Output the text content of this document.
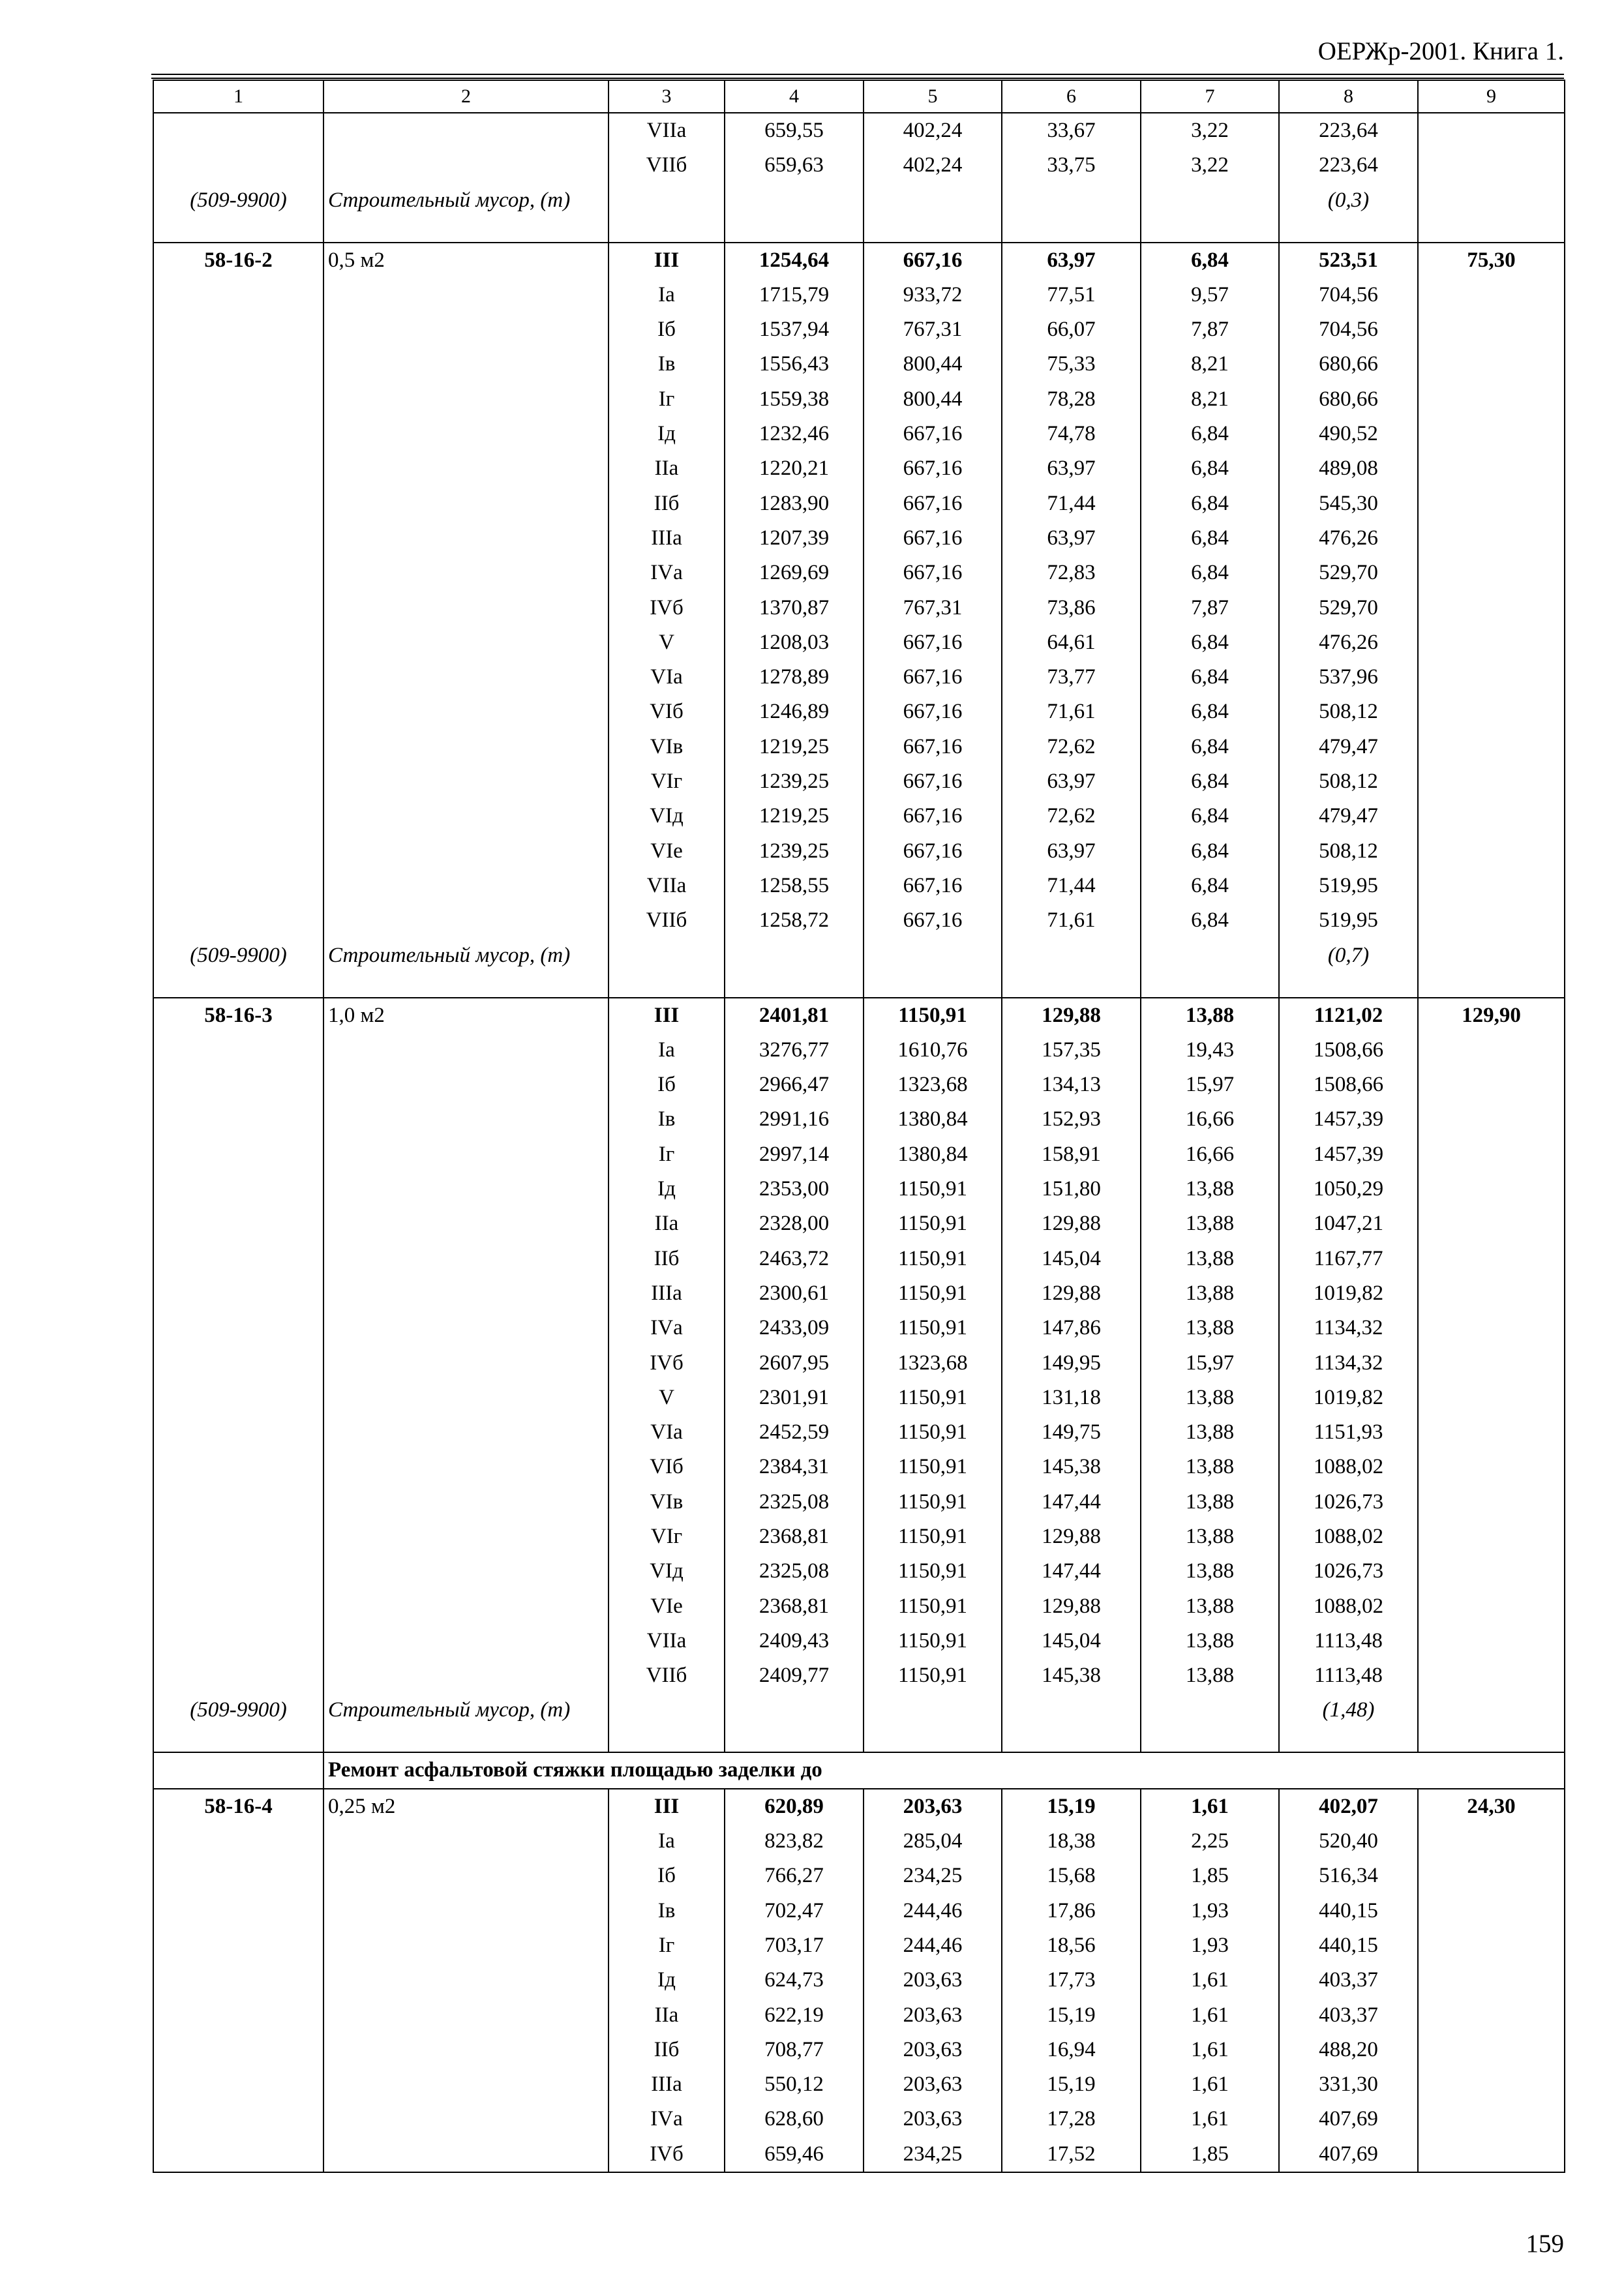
ОЕРЖр-2001. Книга 1.
1	2	3	4	5	6	7	8	9
		VIIа	659,55	402,24	33,67	3,22	223,64	
		VIIб	659,63	402,24	33,75	3,22	223,64	
(509-9900)	Строительный мусор, (т)						(0,3)	
58-16-2	0,5 м2	III	1254,64	667,16	63,97	6,84	523,51	75,30
		Iа	1715,79	933,72	77,51	9,57	704,56	
		Iб	1537,94	767,31	66,07	7,87	704,56	
		Iв	1556,43	800,44	75,33	8,21	680,66	
		Iг	1559,38	800,44	78,28	8,21	680,66	
		Iд	1232,46	667,16	74,78	6,84	490,52	
		IIа	1220,21	667,16	63,97	6,84	489,08	
		IIб	1283,90	667,16	71,44	6,84	545,30	
		IIIа	1207,39	667,16	63,97	6,84	476,26	
		IVа	1269,69	667,16	72,83	6,84	529,70	
		IVб	1370,87	767,31	73,86	7,87	529,70	
		V	1208,03	667,16	64,61	6,84	476,26	
		VIа	1278,89	667,16	73,77	6,84	537,96	
		VIб	1246,89	667,16	71,61	6,84	508,12	
		VIв	1219,25	667,16	72,62	6,84	479,47	
		VIг	1239,25	667,16	63,97	6,84	508,12	
		VIд	1219,25	667,16	72,62	6,84	479,47	
		VIе	1239,25	667,16	63,97	6,84	508,12	
		VIIа	1258,55	667,16	71,44	6,84	519,95	
		VIIб	1258,72	667,16	71,61	6,84	519,95	
(509-9900)	Строительный мусор, (т)						(0,7)	
58-16-3	1,0 м2	III	2401,81	1150,91	129,88	13,88	1121,02	129,90
		Iа	3276,77	1610,76	157,35	19,43	1508,66	
		Iб	2966,47	1323,68	134,13	15,97	1508,66	
		Iв	2991,16	1380,84	152,93	16,66	1457,39	
		Iг	2997,14	1380,84	158,91	16,66	1457,39	
		Iд	2353,00	1150,91	151,80	13,88	1050,29	
		IIа	2328,00	1150,91	129,88	13,88	1047,21	
		IIб	2463,72	1150,91	145,04	13,88	1167,77	
		IIIа	2300,61	1150,91	129,88	13,88	1019,82	
		IVа	2433,09	1150,91	147,86	13,88	1134,32	
		IVб	2607,95	1323,68	149,95	15,97	1134,32	
		V	2301,91	1150,91	131,18	13,88	1019,82	
		VIа	2452,59	1150,91	149,75	13,88	1151,93	
		VIб	2384,31	1150,91	145,38	13,88	1088,02	
		VIв	2325,08	1150,91	147,44	13,88	1026,73	
		VIг	2368,81	1150,91	129,88	13,88	1088,02	
		VIд	2325,08	1150,91	147,44	13,88	1026,73	
		VIе	2368,81	1150,91	129,88	13,88	1088,02	
		VIIа	2409,43	1150,91	145,04	13,88	1113,48	
		VIIб	2409,77	1150,91	145,38	13,88	1113,48	
(509-9900)	Строительный мусор, (т)						(1,48)	
	Ремонт асфальтовой стяжки площадью заделки до							
58-16-4	0,25 м2	III	620,89	203,63	15,19	1,61	402,07	24,30
		Iа	823,82	285,04	18,38	2,25	520,40	
		Iб	766,27	234,25	15,68	1,85	516,34	
		Iв	702,47	244,46	17,86	1,93	440,15	
		Iг	703,17	244,46	18,56	1,93	440,15	
		Iд	624,73	203,63	17,73	1,61	403,37	
		IIа	622,19	203,63	15,19	1,61	403,37	
		IIб	708,77	203,63	16,94	1,61	488,20	
		IIIа	550,12	203,63	15,19	1,61	331,30	
		IVа	628,60	203,63	17,28	1,61	407,69	
		IVб	659,46	234,25	17,52	1,85	407,69	
159
